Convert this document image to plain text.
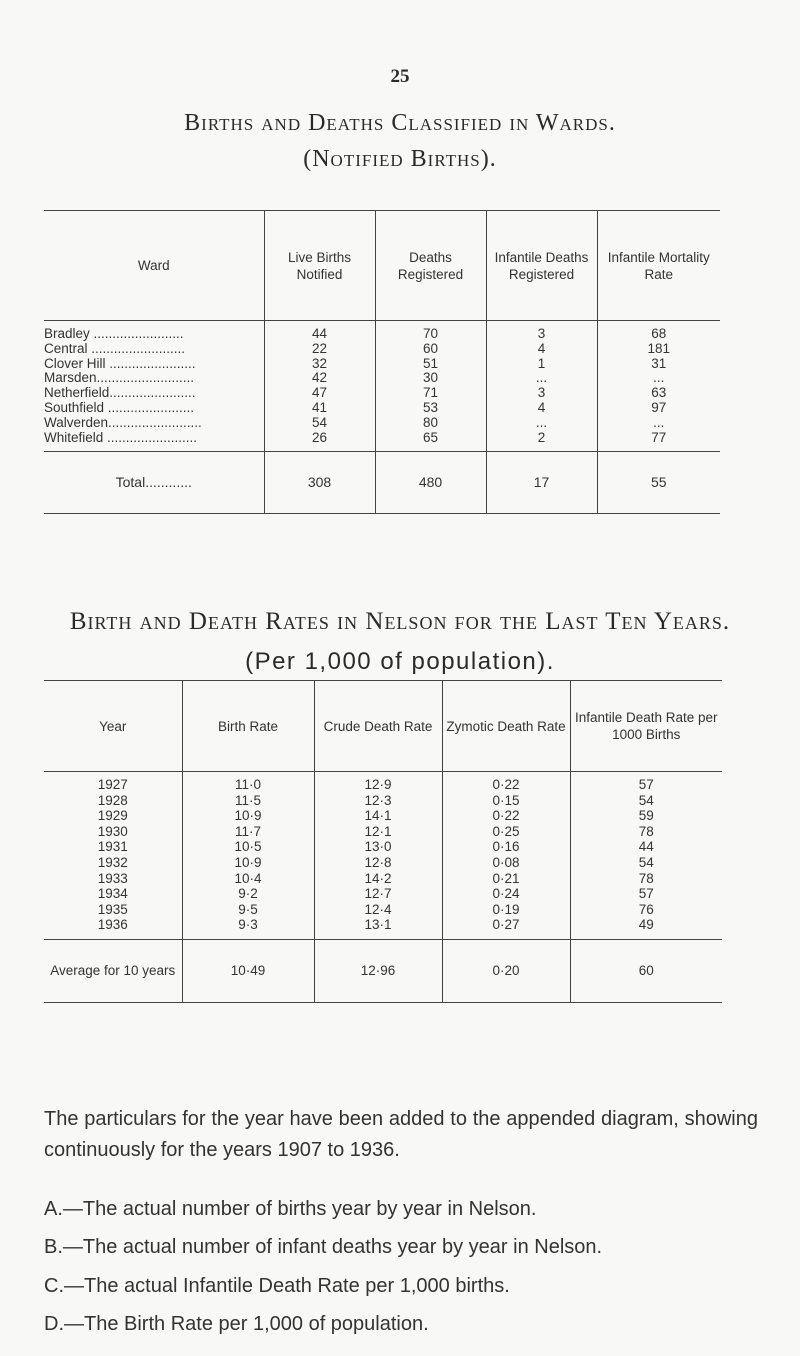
25
Births and Deaths Classified in Wards.
(Notified Births).
Ward	Live Births Notified	Deaths Registered	Infantile Deaths Registered	Infantile Mortality Rate
Bradley ........................	44	70	3	68
Central .........................	22	60	4	181
Clover Hill .......................	32	51	1	31
Marsden..........................	42	30	...	...
Netherfield.......................	47	71	3	63
Southfield .......................	41	53	4	97
Walverden.........................	54	80	...	...
Whitefield ........................	26	65	2	77
Total............	308	480	17	55
Birth and Death Rates in Nelson for the Last Ten Years.
(Per 1,000 of population).
Year	Birth Rate	Crude Death Rate	Zymotic Death Rate	Infantile Death Rate per 1000 Births
1927	11·0	12·9	0·22	57
1928	11·5	12·3	0·15	54
1929	10·9	14·1	0·22	59
1930	11·7	12·1	0·25	78
1931	10·5	13·0	0·16	44
1932	10·9	12·8	0·08	54
1933	10·4	14·2	0·21	78
1934	9·2	12·7	0·24	57
1935	9·5	12·4	0·19	76
1936	9·3	13·1	0·27	49
Average for 10 years	10·49	12·96	0·20	60
The particulars for the year have been added to the appended diagram, showing continuously for the years 1907 to 1936.
A.—The actual number of births year by year in Nelson.
B.—The actual number of infant deaths year by year in Nelson.
C.—The actual Infantile Death Rate per 1,000 births.
D.—The Birth Rate per 1,000 of population.
